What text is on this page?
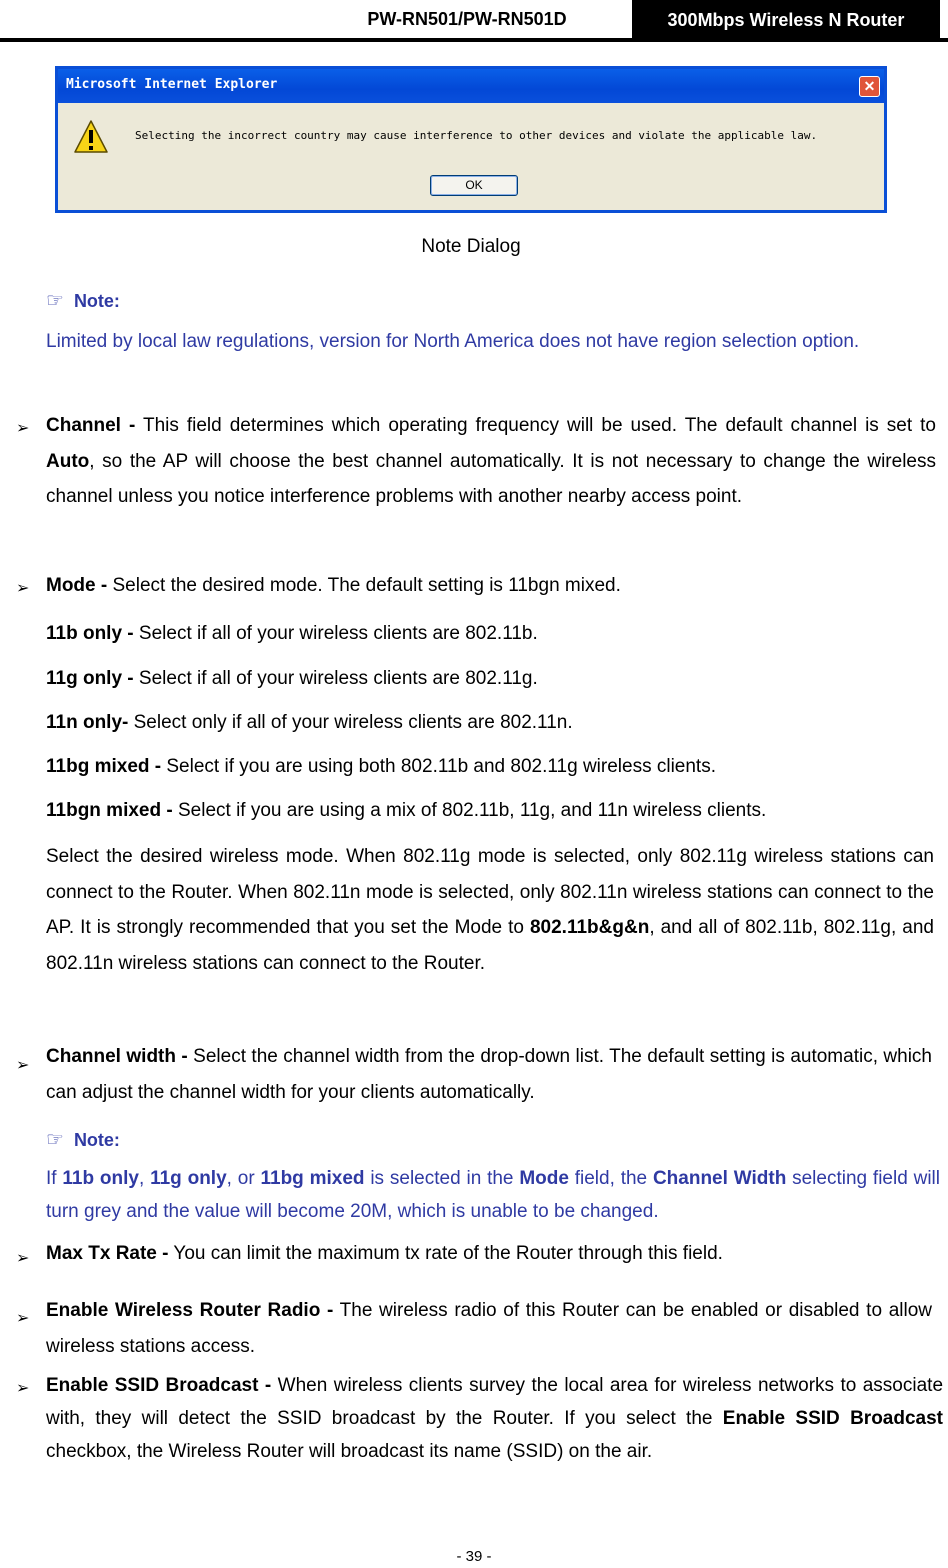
PW-RN501/PW-RN501D	300Mbps Wireless N Router
Microsoft Internet Explorer	✕
Selecting the incorrect country may cause interference to other devices and violate the applicable law.
OK
Note Dialog
☞ Note:
Limited by local law regulations, version for North America does not have region selection option.
➢ Channel - This field determines which operating frequency will be used. The default channel is set to Auto, so the AP will choose the best channel automatically. It is not necessary to change the wireless channel unless you notice interference problems with another nearby access point.
➢ Mode - Select the desired mode. The default setting is 11bgn mixed.
11b only - Select if all of your wireless clients are 802.11b.
11g only - Select if all of your wireless clients are 802.11g.
11n only- Select only if all of your wireless clients are 802.11n.
11bg mixed - Select if you are using both 802.11b and 802.11g wireless clients.
11bgn mixed - Select if you are using a mix of 802.11b, 11g, and 11n wireless clients.
Select the desired wireless mode. When 802.11g mode is selected, only 802.11g wireless stations can connect to the Router. When 802.11n mode is selected, only 802.11n wireless stations can connect to the AP. It is strongly recommended that you set the Mode to 802.11b&g&n, and all of 802.11b, 802.11g, and 802.11n wireless stations can connect to the Router.
➢ Channel width - Select the channel width from the drop-down list. The default setting is automatic, which can adjust the channel width for your clients automatically.
☞ Note:
If 11b only, 11g only, or 11bg mixed is selected in the Mode field, the Channel Width selecting field will turn grey and the value will become 20M, which is unable to be changed.
➢ Max Tx Rate - You can limit the maximum tx rate of the Router through this field.
➢ Enable Wireless Router Radio - The wireless radio of this Router can be enabled or disabled to allow wireless stations access.
➢ Enable SSID Broadcast - When wireless clients survey the local area for wireless networks to associate with, they will detect the SSID broadcast by the Router. If you select the Enable SSID Broadcast checkbox, the Wireless Router will broadcast its name (SSID) on the air.
- 39 -
